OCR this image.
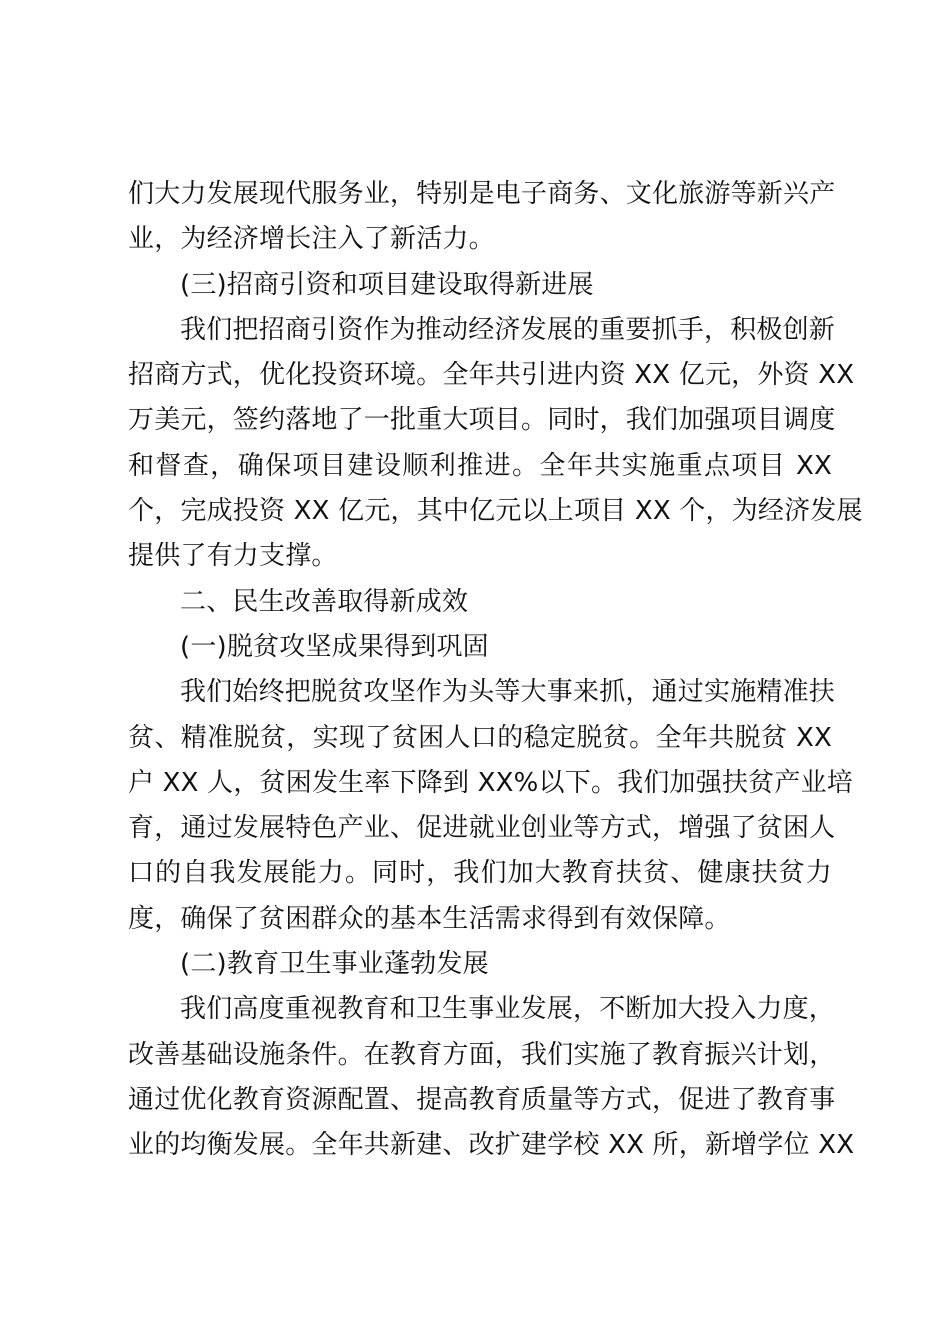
们大力发展现代服务业，特别是电子商务、文化旅游等新兴产
业，为经济增长注入了新活力。
(三)招商引资和项目建设取得新进展
我们把招商引资作为推动经济发展的重要抓手，积极创新
招商方式，优化投资环境。全年共引进内资 XX 亿元，外资 XX
万美元，签约落地了一批重大项目。同时，我们加强项目调度
和督查，确保项目建设顺利推进。全年共实施重点项目 XX
个，完成投资 XX 亿元，其中亿元以上项目 XX 个，为经济发展
提供了有力支撑。
二、民生改善取得新成效
(一)脱贫攻坚成果得到巩固
我们始终把脱贫攻坚作为头等大事来抓，通过实施精准扶
贫、精准脱贫，实现了贫困人口的稳定脱贫。全年共脱贫 XX
户 XX 人，贫困发生率下降到 XX%以下。我们加强扶贫产业培
育，通过发展特色产业、促进就业创业等方式，增强了贫困人
口的自我发展能力。同时，我们加大教育扶贫、健康扶贫力
度，确保了贫困群众的基本生活需求得到有效保障。
(二)教育卫生事业蓬勃发展
我们高度重视教育和卫生事业发展，不断加大投入力度，
改善基础设施条件。在教育方面，我们实施了教育振兴计划，
通过优化教育资源配置、提高教育质量等方式，促进了教育事
业的均衡发展。全年共新建、改扩建学校 XX 所，新增学位 XX
